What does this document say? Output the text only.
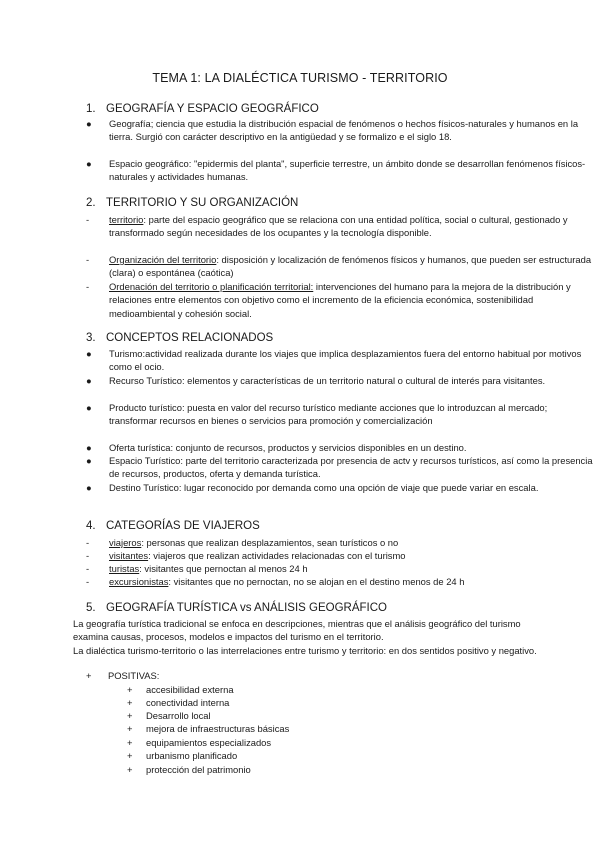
TEMA 1: LA DIALÉCTICA TURISMO - TERRITORIO
1. GEOGRAFÍA Y ESPACIO GEOGRÁFICO
●	Geografía; ciencia que estudia la distribución espacial de fenómenos o hechos físicos-naturales y humanos en la tierra. Surgió con carácter descriptivo en la antigüedad y se formalizo e el siglo 18.
●	Espacio geográfico: "epidermis del planta", superficie terrestre, un ámbito donde se desarrollan fenómenos físicos-naturales y actividades humanas.
2. TERRITORIO Y SU ORGANIZACIÓN
-	territorio: parte del espacio geográfico que se relaciona con una entidad política, social o cultural, gestionado y transformado según necesidades de los ocupantes y la tecnología disponible.
-	Organización del territorio: disposición y localización de fenómenos físicos y humanos, que pueden ser estructurada (clara) o espontánea (caótica)
-	Ordenación del territorio o planificación territorial: intervenciones del humano para la mejora de la distribución y relaciones entre elementos con objetivo como el incremento de la eficiencia económica, sostenibilidad medioambiental y cohesión social.
3. CONCEPTOS RELACIONADOS
●	Turismo:actividad realizada durante los viajes que implica desplazamientos fuera del entorno habitual por motivos como el ocio.
●	Recurso Turístico: elementos y características de un territorio natural o cultural de interés para visitantes.
●	Producto turístico: puesta en valor del recurso turístico mediante acciones que lo introduzcan al mercado; transformar recursos en bienes o servicios para promoción y comercialización
●	Oferta turística: conjunto de recursos, productos y servicios disponibles en un destino.
●	Espacio Turístico: parte del territorio caracterizada por presencia de actv y recursos turísticos, así como la presencia de recursos, productos, oferta y demanda turística.
●	Destino Turístico: lugar reconocido por demanda como una opción de viaje que puede variar en escala.
4. CATEGORÍAS DE VIAJEROS
-	viajeros: personas que realizan desplazamientos, sean turísticos o no
-	visitantes: viajeros que realizan actividades relacionadas con el turismo
-	turistas: visitantes que pernoctan al menos 24 h
-	excursionistas: visitantes que no pernoctan, no se alojan en el destino menos de 24 h
5. GEOGRAFÍA TURÍSTICA vs ANÁLISIS GEOGRÁFICO
La geografía turística tradicional se enfoca en descripciones, mientras que el análisis geográfico del turismo examina causas, procesos, modelos e impactos del turismo en el territorio.
La dialéctica turismo-territorio o las interrelaciones entre turismo y territorio: en dos sentidos positivo y negativo.
+ POSITIVAS:
+ accesibilidad externa
+ conectividad interna
+ Desarrollo local
+ mejora de infraestructuras básicas
+ equipamientos especializados
+ urbanismo planificado
+ protección del patrimonio
